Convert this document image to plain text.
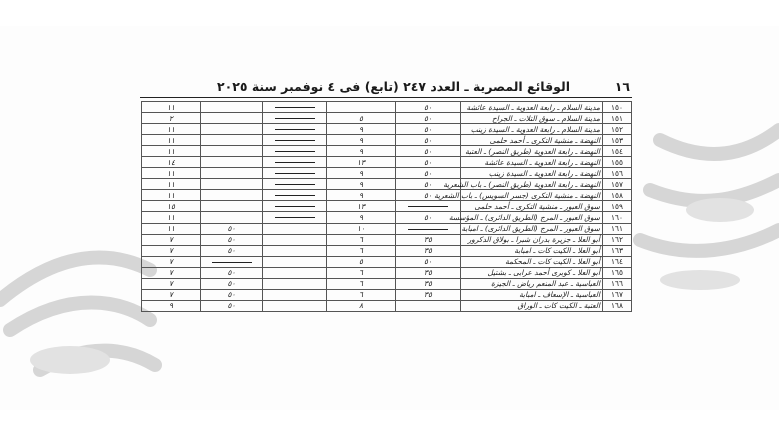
١٦
الوقائع المصرية ـ العدد ٢٤٧ (تابع) فى ٤ نوفمبر سنة ٢٠٢٥
١٥٠	مدينة السلام ـ رابعة العدوية ـ السيدة عائشة	٥٠				١١
١٥١	مدينة السلام ـ سوق التلات ـ الجراح	٥٠	٥			٢
١٥٢	مدينة السلام ـ رابعة العدوية ـ السيدة زينب	٥٠	٩			١١
١٥٣	النهضة ـ منشية التكرى ـ أحمد حلمى	٥٠	٩			١١
١٥٤	النهضة ـ رابعة العدوية (طريق النصر) ـ العتبة	٥٠	٩			١١
١٥٥	النهضة ـ رابعة العدوية ـ السيدة عائشة	٥٠	١٣			١٤
١٥٦	النهضة ـ رابعة العدوية ـ السيدة زينب	٥٠	٩			١١
١٥٧	النهضة ـ رابعة العدوية (طريق النصر) ـ باب الشعرية	٥٠	٩			١١
١٥٨	النهضة ـ منشية التكرى (جسر السويس) ـ باب الشعرية	٥٠	٩			١١
١٥٩	سوق العبور ـ منشية التكرى ـ أحمد حلمى		١٣			١٥
١٦٠	سوق العبور ـ المرج (الطريق الدائرى) ـ المؤسسة	٥٠	٩			١١
١٦١	سوق العبور ـ المرج (الطريق الدائرى) ـ امبابة		١٠		٥٠	١١
١٦٢	أبو العلا ـ جزيرة بدران شبرا ـ بولاق الدكرور	٣٥	٦		٥٠	٧
١٦٣	أبو العلا ـ الكيت كات ـ امبابة	٣٥	٦		٥٠	٧
١٦٤	أبو العلا ـ الكيت كات ـ المحكمة	٥٠	٥			٧
١٦٥	أبو العلا ـ كوبرى أحمد عرابى ـ بشتيل	٣٥	٦		٥٠	٧
١٦٦	العباسية ـ عبد المنعم رياض ـ الجيزة	٣٥	٦		٥٠	٧
١٦٧	العباسية ـ الإسعاف ـ امبابة	٣٥	٦		٥٠	٧
١٦٨	العتبة ـ الكيت كات ـ الوراق		٨		٥٠	٩
